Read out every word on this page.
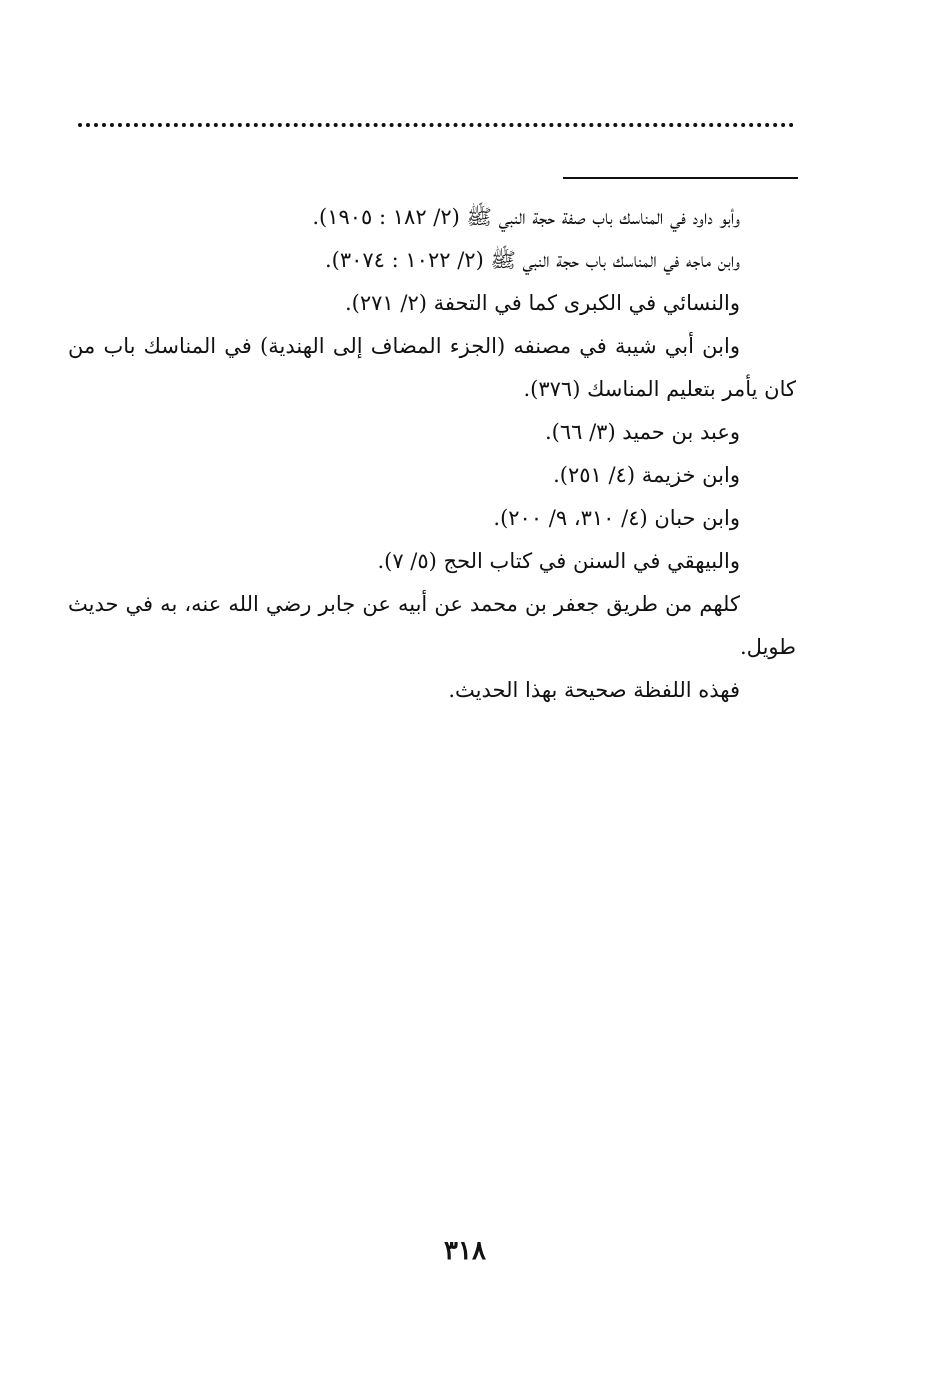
وأبو داود في المناسك باب صفة حجة النبي ﷺ (٢/ ١٨٢ : ١٩٠٥).

وابن ماجه في المناسك باب حجة النبي ﷺ (٢/ ١٠٢٢ : ٣٠٧٤).

والنسائي في الكبرى كما في التحفة (٢/ ٢٧١).

وابن أبي شيبة في مصنفه (الجزء المضاف إلى الهندية) في المناسك باب من كان يأمر بتعليم المناسك (٣٧٦).

وعبد بن حميد (٣/ ٦٦).

وابن خزيمة (٤/ ٢٥١).

وابن حبان (٤/ ٣١٠، ٩/ ٢٠٠).

والبيهقي في السنن في كتاب الحج (٥/ ٧).

كلهم من طريق جعفر بن محمد عن أبيه عن جابر رضي الله عنه، به في حديث طويل.

فهذه اللفظة صحيحة بهذا الحديث.

٣١٨
